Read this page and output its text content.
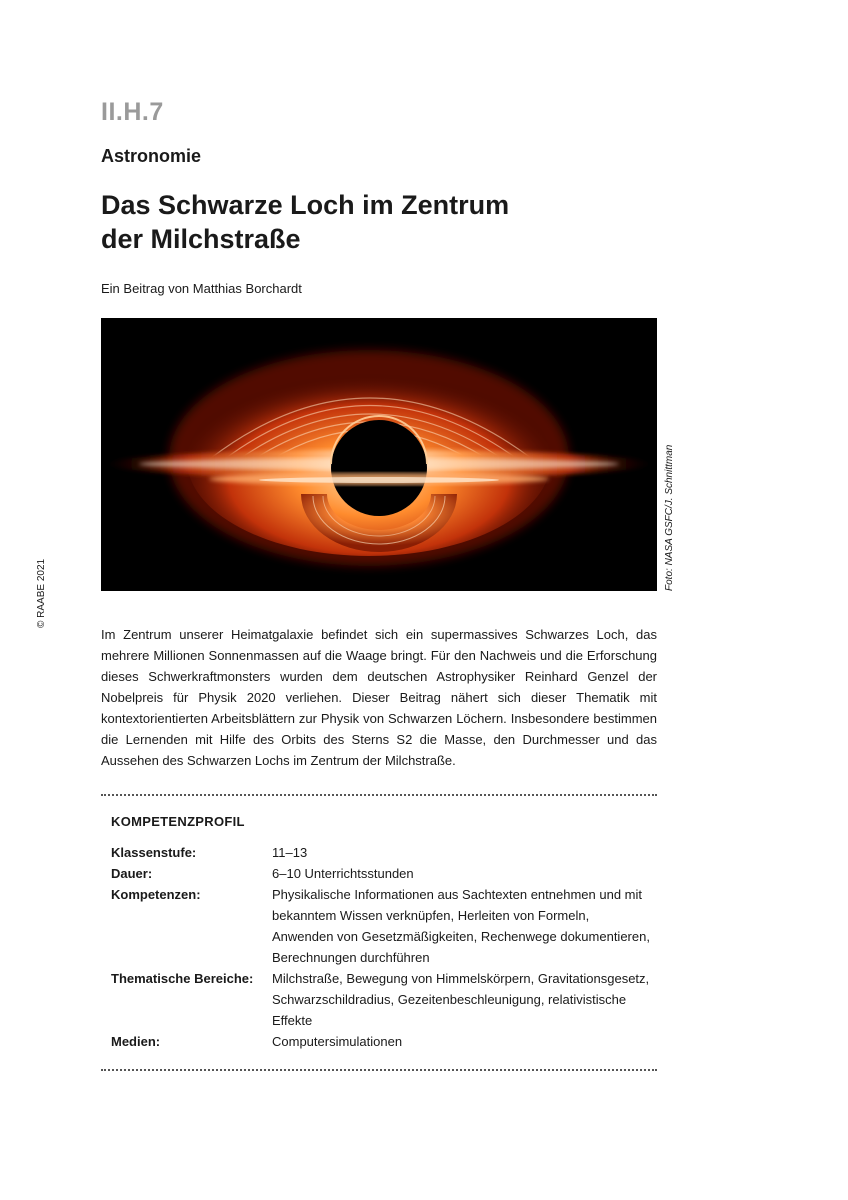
II.H.7
Astronomie
Das Schwarze Loch im Zentrum
der Milchstraße
Ein Beitrag von Matthias Borchardt
Foto: NASA GSFC/J. Schnittman
© RAABE 2021

Im Zentrum unserer Heimatgalaxie befindet sich ein supermassives Schwarzes Loch, das mehrere Millionen Sonnenmassen auf die Waage bringt. Für den Nachweis und die Erforschung dieses Schwerkraftmonsters wurden dem deutschen Astrophysiker Reinhard Genzel der Nobelpreis für Physik 2020 verliehen. Dieser Beitrag nähert sich dieser Thematik mit kontextorientierten Arbeitsblättern zur Physik von Schwarzen Löchern. Insbesondere bestimmen die Lernenden mit Hilfe des Orbits des Sterns S2 die Masse, den Durchmesser und das Aussehen des Schwarzen Lochs im Zentrum der Milchstraße.

KOMPETENZPROFIL
Klassenstufe:	11–13
Dauer:	6–10 Unterrichtsstunden
Kompetenzen:	Physikalische Informationen aus Sachtexten entnehmen und mit bekanntem Wissen verknüpfen, Herleiten von Formeln, Anwenden von Gesetzmäßigkeiten, Rechenwege dokumentieren, Berechnungen durchführen
Thematische Bereiche:	Milchstraße, Bewegung von Himmelskörpern, Gravitationsgesetz, Schwarzschildradius, Gezeitenbeschleunigung, relativistische Effekte
Medien:	Computersimulationen
